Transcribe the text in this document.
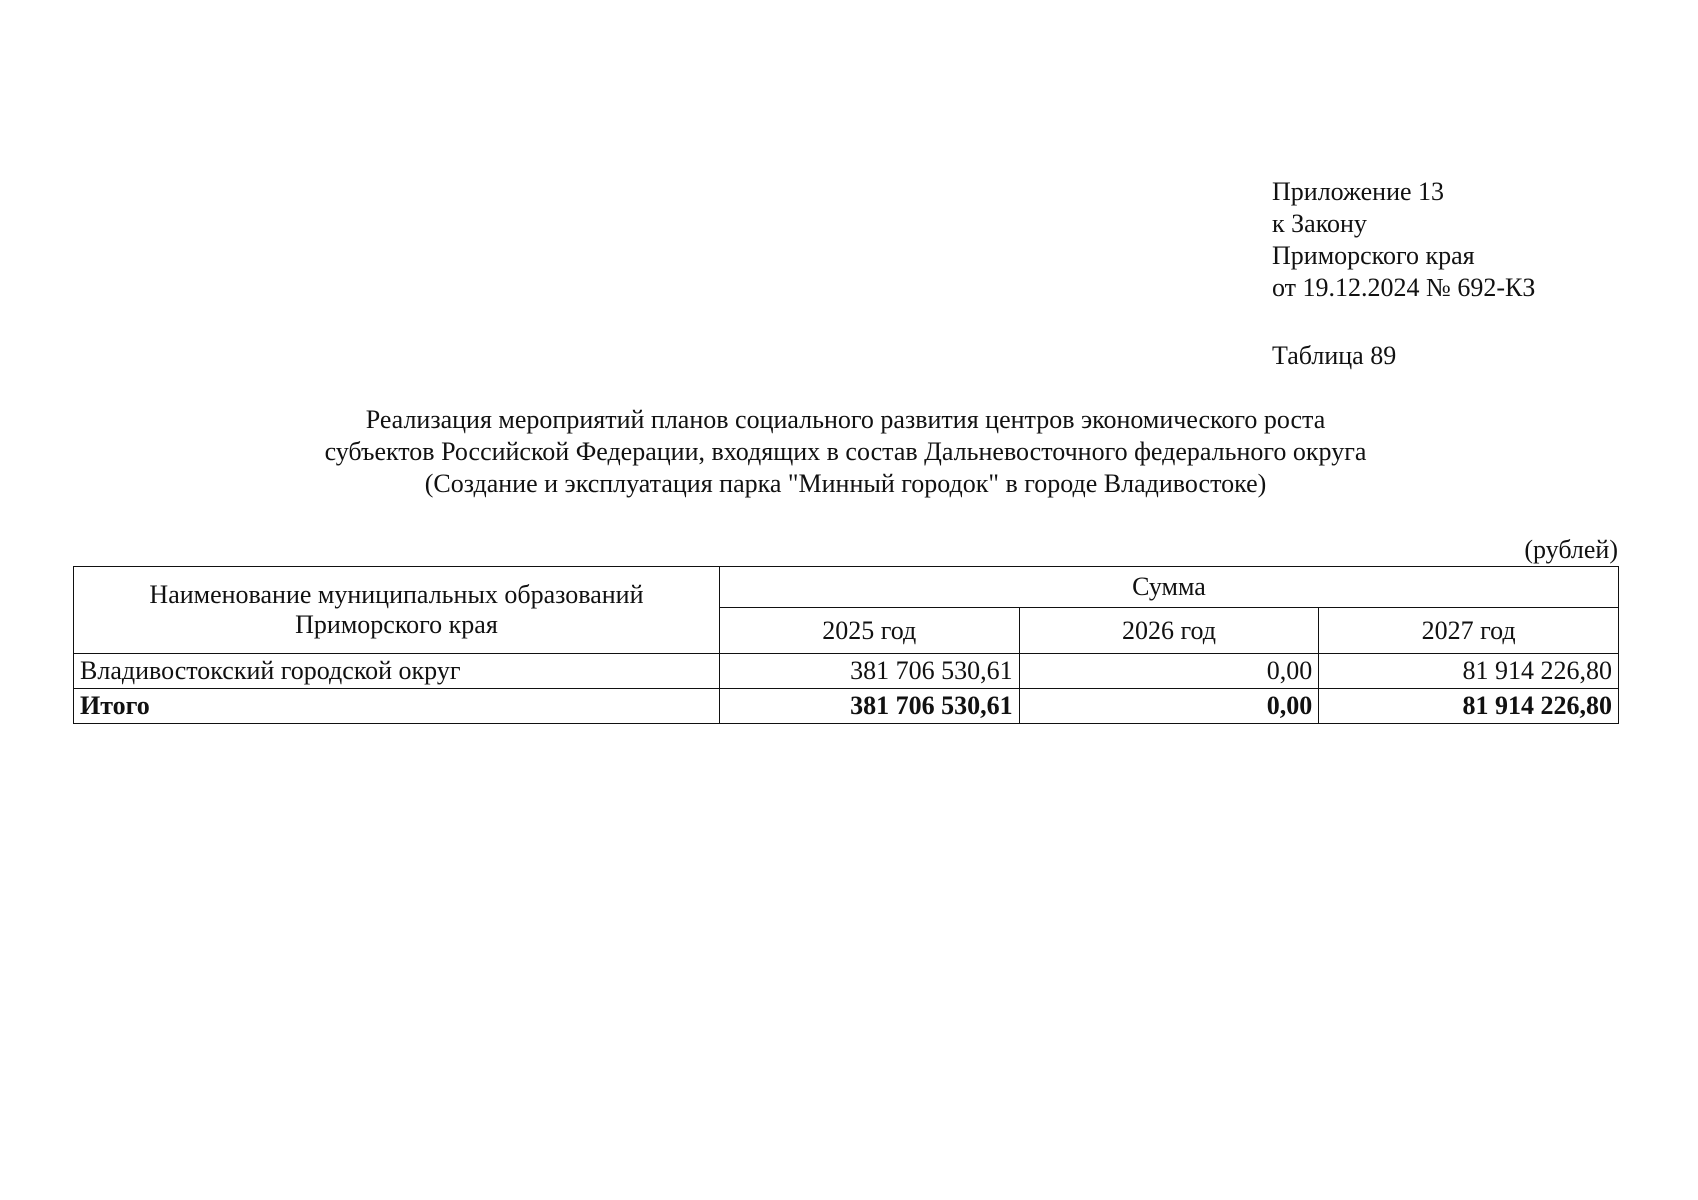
Приложение 13
к Закону
Приморского края
от 19.12.2024 № 692-КЗ
Таблица 89
Реализация мероприятий планов социального развития центров экономического роста
субъектов Российской Федерации, входящих в состав Дальневосточного федерального округа
(Создание и эксплуатация парка "Минный городок" в городе Владивостоке)
(рублей)
Наименование муниципальных образований
Приморского края	Сумма		
	2025 год	2026 год	2027 год
Владивостокский городской округ	381 706 530,61	0,00	81 914 226,80
Итого	381 706 530,61	0,00	81 914 226,80
